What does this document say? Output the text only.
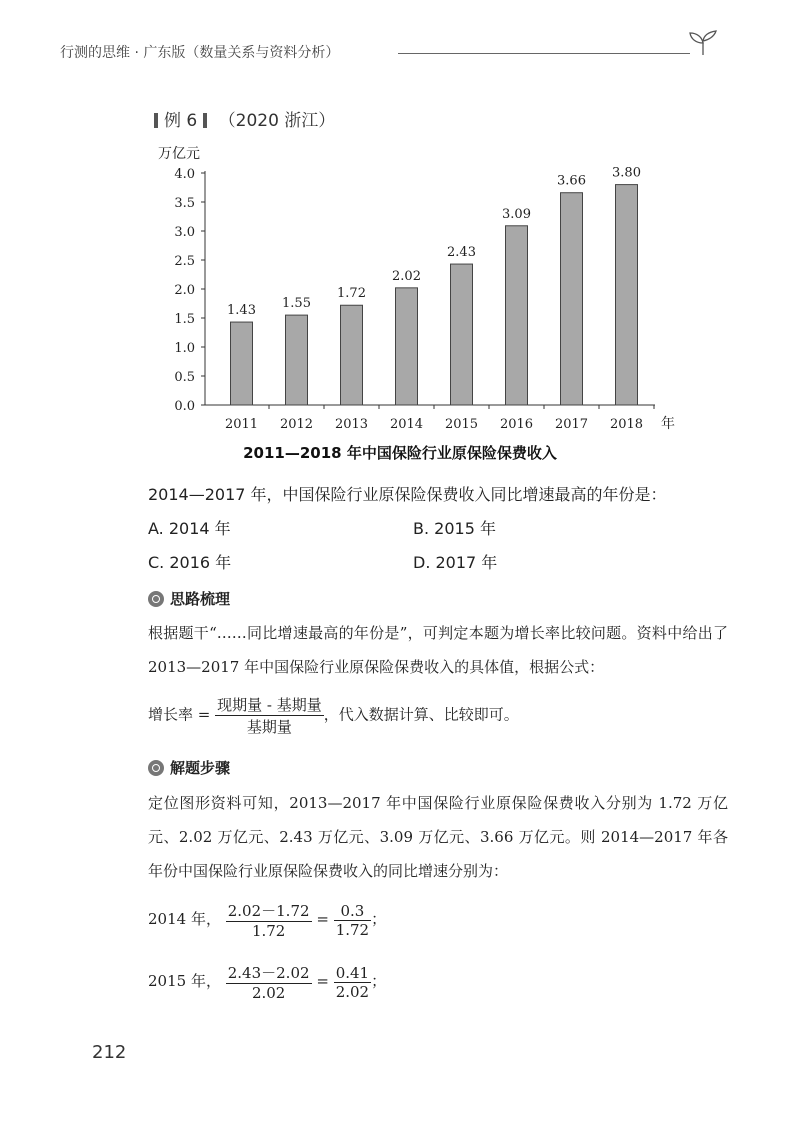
行测的思维 · 广东版（数量关系与资料分析）
例 6 （2020 浙江）
万亿元
0.0
0.5
1.0
1.5
2.0
2.5
3.0
3.5
4.0
1.43
2011
1.55
2012
1.72
2013
2.02
2014
2.43
2015
3.09
2016
3.66
2017
3.80
2018 年
2011—2018 年中国保险行业原保险保费收入
2014—2017 年，中国保险行业原保险保费收入同比增速最高的年份是：
A. 2014 年	B. 2015 年
C. 2016 年	D. 2017 年
思路梳理
根据题干“……同比增速最高的年份是”，可判定本题为增长率比较问题。资料中给出了 2013—2017 年中国保险行业原保险保费收入的具体值，根据公式：
增长率 = $\frac{\text{现期量 - 基期量}}{\text{基期量}}$ ，代入数据计算、比较即可。
解题步骤
定位图形资料可知，2013—2017 年中国保险行业原保险保费收入分别为 1.72 万亿元、2.02 万亿元、2.43 万亿元、3.09 万亿元、3.66 万亿元。则 2014—2017 年各年份中国保险行业原保险保费收入的同比增速分别为：
2014 年， $\frac{2.02-1.72}{1.72} = \frac{0.3}{1.72}$ ；
2015 年， $\frac{2.43-2.02}{2.02} = \frac{0.41}{2.02}$ ；
212
